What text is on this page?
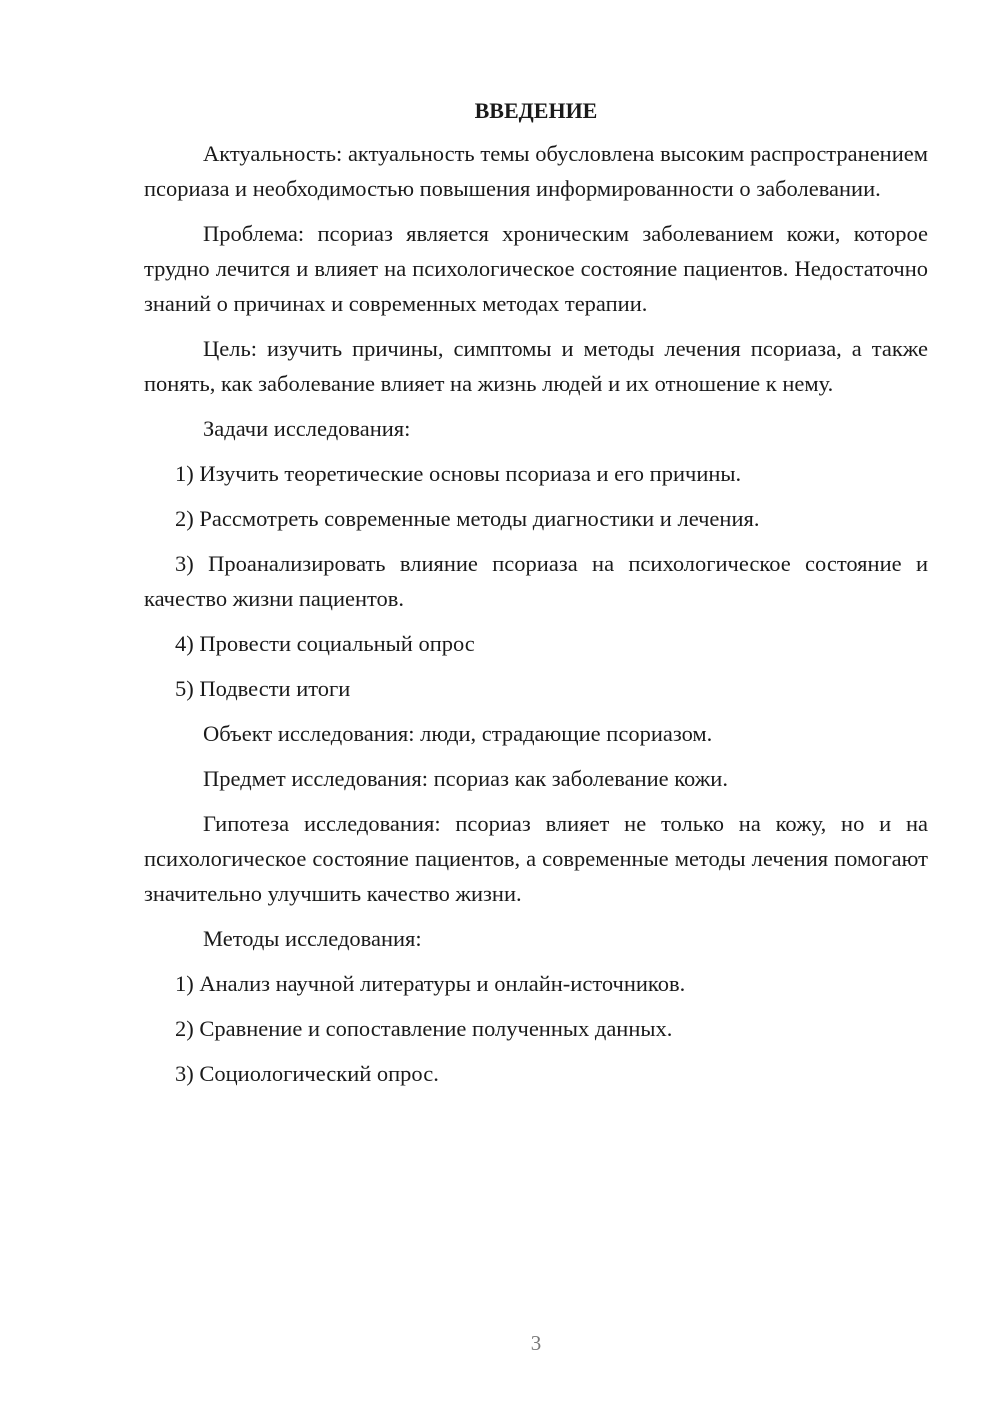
ВВЕДЕНИЕ

Актуальность: актуальность темы обусловлена высоким распространением псориаза и необходимостью повышения информированности о заболевании.

Проблема: псориаз является хроническим заболеванием кожи, которое трудно лечится и влияет на психологическое состояние пациентов. Недостаточно знаний о причинах и современных методах терапии.

Цель: изучить причины, симптомы и методы лечения псориаза, а также понять, как заболевание влияет на жизнь людей и их отношение к нему.

Задачи исследования:

1) Изучить теоретические основы псориаза и его причины.

2) Рассмотреть современные методы диагностики и лечения.

3) Проанализировать влияние псориаза на психологическое состояние и качество жизни пациентов.

4) Провести социальный опрос

5) Подвести итоги

Объект исследования: люди, страдающие псориазом.

Предмет исследования: псориаз как заболевание кожи.

Гипотеза исследования: псориаз влияет не только на кожу, но и на психологическое состояние пациентов, а современные методы лечения помогают значительно улучшить качество жизни.

Методы исследования:

1) Анализ научной литературы и онлайн-источников.

2) Сравнение и сопоставление полученных данных.

3) Социологический опрос.

3
